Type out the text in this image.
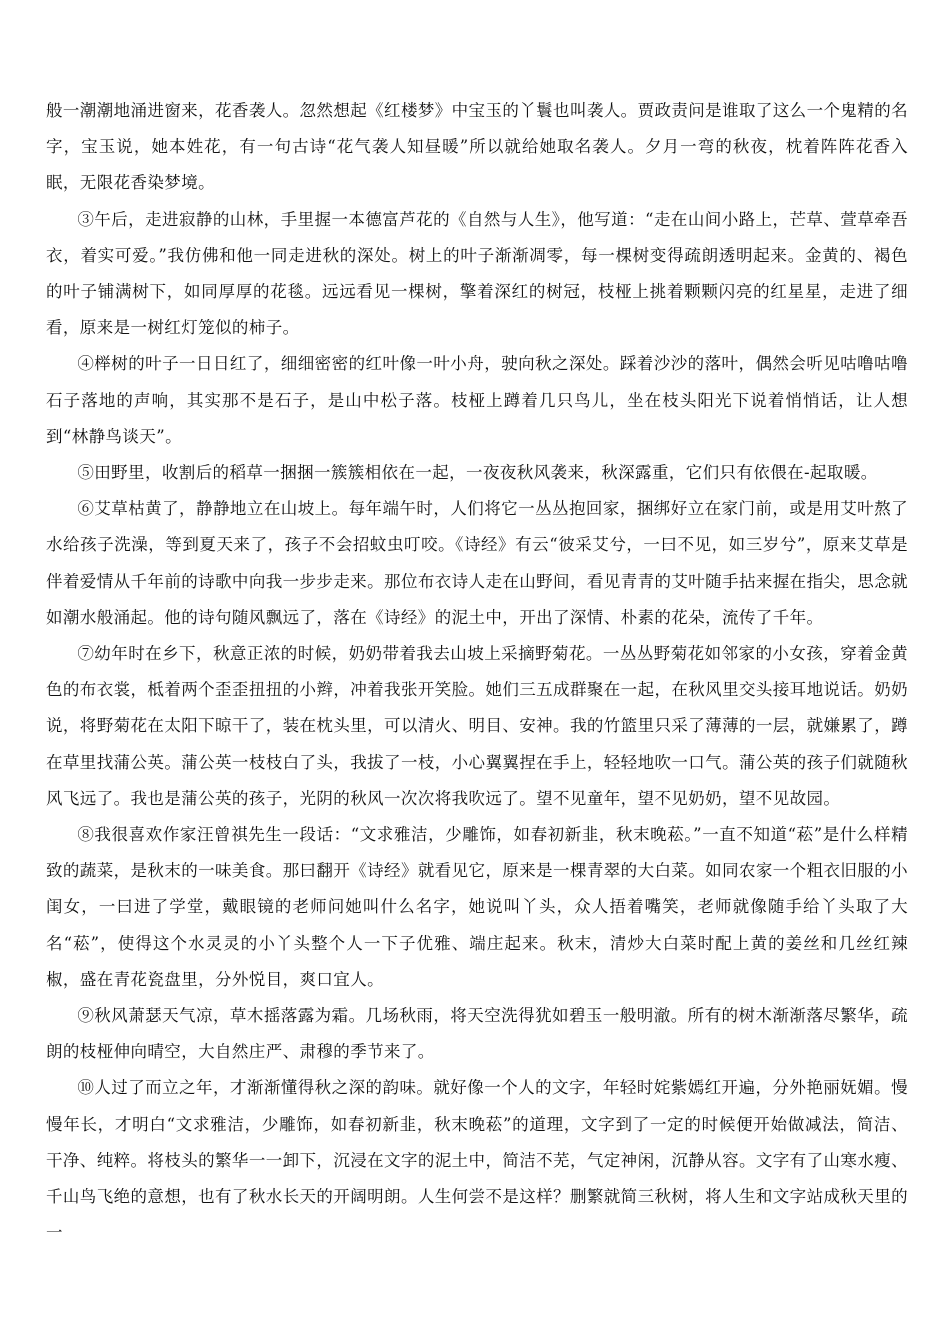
般一潮潮地涌进窗来，花香袭人。忽然想起《红楼梦》中宝玉的丫鬟也叫袭人。贾政责问是谁取了这么一个鬼精的名字，宝玉说，她本姓花，有一句古诗“花气袭人知昼暖”所以就给她取名袭人。夕月一弯的秋夜，枕着阵阵花香入眠，无限花香染梦境。

③午后，走进寂静的山林，手里握一本德富芦花的《自然与人生》，他写道：“走在山间小路上，芒草、萱草牵吾衣，着实可爱。”我仿佛和他一同走进秋的深处。树上的叶子渐渐凋零，每一棵树变得疏朗透明起来。金黄的、褐色的叶子铺满树下，如同厚厚的花毯。远远看见一棵树，擎着深红的树冠，枝桠上挑着颗颗闪亮的红星星，走进了细看，原来是一树红灯笼似的柿子。

④榉树的叶子一日日红了，细细密密的红叶像一叶小舟，驶向秋之深处。踩着沙沙的落叶，偶然会听见咕噜咕噜石子落地的声响，其实那不是石子，是山中松子落。枝桠上蹲着几只鸟儿，坐在枝头阳光下说着悄悄话，让人想到“林静鸟谈天”。

⑤田野里，收割后的稻草一捆捆一簇簇相依在一起，一夜夜秋风袭来，秋深露重，它们只有依偎在-起取暖。

⑥艾草枯黄了，静静地立在山坡上。每年端午时，人们将它一丛丛抱回家，捆绑好立在家门前，或是用艾叶熬了水给孩子洗澡，等到夏天来了，孩子不会招蚊虫叮咬。《诗经》有云“彼采艾兮，一曰不见，如三岁兮”，原来艾草是伴着爱情从千年前的诗歌中向我一步步走来。那位布衣诗人走在山野间，看见青青的艾叶随手拈来握在指尖，思念就如潮水般涌起。他的诗句随风飘远了，落在《诗经》的泥土中，开出了深情、朴素的花朵，流传了千年。

⑦幼年时在乡下，秋意正浓的时候，奶奶带着我去山坡上采摘野菊花。一丛丛野菊花如邻家的小女孩，穿着金黄色的布衣裳，柢着两个歪歪扭扭的小辫，冲着我张开笑脸。她们三五成群聚在一起，在秋风里交头接耳地说话。奶奶说，将野菊花在太阳下晾干了，装在枕头里，可以清火、明目、安神。我的竹篮里只采了薄薄的一层，就嫌累了，蹲在草里找蒲公英。蒲公英一枝枝白了头，我拔了一枝，小心翼翼捏在手上，轻轻地吹一口气。蒲公英的孩子们就随秋风飞远了。我也是蒲公英的孩子，光阴的秋风一次次将我吹远了。望不见童年，望不见奶奶，望不见故园。

⑧我很喜欢作家汪曾祺先生一段话：“文求雅洁，少雕饰，如春初新韭，秋末晚菘。”一直不知道“菘”是什么样精致的蔬菜，是秋末的一味美食。那曰翻开《诗经》就看见它，原来是一棵青翠的大白菜。如同农家一个粗衣旧服的小闺女，一曰进了学堂，戴眼镜的老师问她叫什么名字，她说叫丫头，众人捂着嘴笑，老师就像随手给丫头取了大名“菘”，使得这个水灵灵的小丫头整个人一下子优雅、端庄起来。秋末，清炒大白菜时配上黄的姜丝和几丝红辣椒，盛在青花瓷盘里，分外悦目，爽口宜人。

⑨秋风萧瑟天气凉，草木摇落露为霜。几场秋雨，将天空洗得犹如碧玉一般明澈。所有的树木渐渐落尽繁华，疏朗的枝桠伸向晴空，大自然庄严、肃穆的季节来了。

⑩人过了而立之年，才渐渐懂得秋之深的韵味。就好像一个人的文字，年轻时姹紫嫣红开遍，分外艳丽妩媚。慢慢年长，才明白“文求雅洁，少雕饰，如春初新韭，秋末晚菘”的道理，文字到了一定的时候便开始做减法，简洁、干净、纯粹。将枝头的繁华一一卸下，沉浸在文字的泥土中，简洁不芜，气定神闲，沉静从容。文字有了山寒水瘦、千山鸟飞绝的意想，也有了秋水长天的开阔明朗。人生何尝不是这样？删繁就简三秋树，将人生和文字站成秋天里的一
